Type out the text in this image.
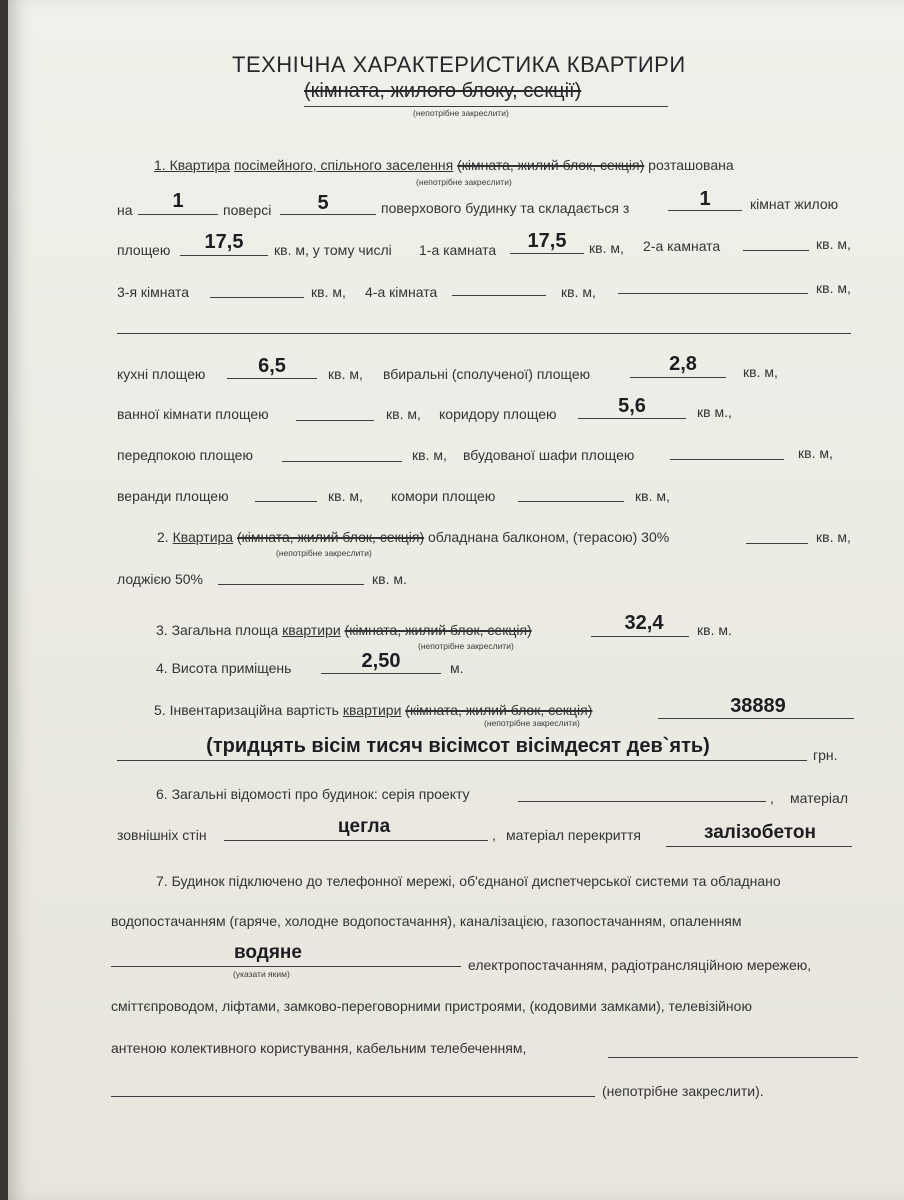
ТЕХНІЧНА ХАРАКТЕРИСТИКА КВАРТИРИ
(кімната, жилого блоку, секції)
(непотрібне закреслити)
1. Квартира посімейного, спільного заселення (кімната, жилий блок, секція) розташована
(непотрібне закреслити)
на	1	поверсі	5	поверхового будинку та складається з	1	кімнат жилою
площею	17,5	кв. м, у тому числі 1-а камната	17,5	кв. м, 2-а камната	кв. м,
3-я кімната	кв. м, 4-а кімната	кв. м,	кв. м,
кухні площею	6,5	кв. м, вбиральні (сполученої) площею	2,8	кв. м,
ванної кімнати площею	кв. м, коридору площею	5,6	кв м.,
передпокою площею	кв. м, вбудованої шафи площею	кв. м,
веранди площею	кв. м, комори площею	кв. м,
2. Квартира (кімната, жилий блок, секція) обладнана балконом, (терасою) 30%
(непотрібне закреслити)
кв. м,
лоджією 50%	кв. м.
3. Загальна площа квартири (кімната, жилий блок, секція)
(непотрібне закреслити)
32,4	кв. м.
4. Висота приміщень	2,50	м.
5. Інвентаризаційна вартість квартири (кімната, жилий блок, секція)
(непотрібне закреслити)
38889
(тридцять вісім тисяч вісімсот вісімдесят дев`ять)	грн.
6. Загальні відомості про будинок: серія проекту	, матеріал
зовнішніх стін	цегла	, матеріал перекриття	залізобетон
7. Будинок підключено до телефонної мережі, об'єднаної диспетчерської системи та обладнано
водопостачанням (гаряче, холодне водопостачання), каналізацією, газопостачанням, опаленням
водяне
(указати яким)
електропостачанням, радіотрансляційною мережею,
сміттєпроводом, ліфтами, замково-переговорними пристроями, (кодовими замками), телевізійною
антеною колективного користування, кабельним телебеченням,
(непотрібне закреслити).
